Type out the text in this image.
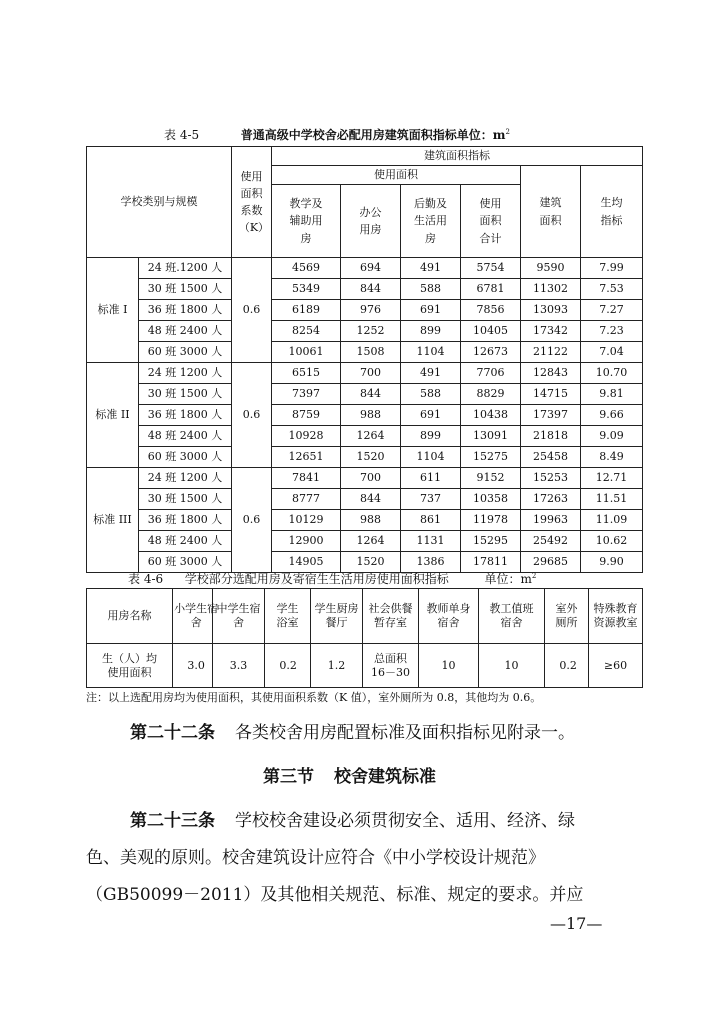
表 4-5	普通高级中学校舍必配用房建筑面积指标单位：$m^2$
学校类别与规模		使用面积系数（K）	建筑面积指标					
			使用面积				建筑面积	生均指标

			教学及辅助用房	办公用房	后勤及生活用房	使用面积合计		

标准 I	24 班.1200 人	0.6	4569	694	491	5754	9590	7.99
	30 班 1500 人		5349	844	588	6781	11302	7.53
	36 班 1800 人		6189	976	691	7856	13093	7.27
	48 班 2400 人		8254	1252	899	10405	17342	7.23
	60 班 3000 人		10061	1508	1104	12673	21122	7.04
标准 II	24 班 1200 人	0.6	6515	700	491	7706	12843	10.70
	30 班 1500 人		7397	844	588	8829	14715	9.81
	36 班 1800 人		8759	988	691	10438	17397	9.66
	48 班 2400 人		10928	1264	899	13091	21818	9.09
	60 班 3000 人		12651	1520	1104	15275	25458	8.49
标准 III	24 班 1200 人	0.6	7841	700	611	9152	15253	12.71
	30 班 1500 人		8777	844	737	10358	17263	11.51
	36 班 1800 人		10129	988	861	11978	19963	11.09
	48 班 2400 人		12900	1264	1131	15295	25492	10.62
	60 班 3000 人		14905	1520	1386	17811	29685	9.90
表 4-6 学校部分选配用房及寄宿生生活用房使用面积指标	单位：$m^2$
用房名称	小学生宿舍	中学生宿舍	学生浴室	学生厨房餐厅	社会供餐暂存室	教师单身宿舍	教工值班宿舍	室外厕所	特殊教育资源教室

生（人）均使用面积	3.0	3.3	0.2	1.2	总面积16－30	10	10	0.2	≥60
注：以上选配用房均为使用面积，其使用面积系数（K 值），室外厕所为 0.8，其他均为 0.6。
第二十二条 各类校舍用房配置标准及面积指标见附录一。
第三节 校舍建筑标准
第二十三条 学校校舍建设必须贯彻安全、适用、经济、绿
色、美观的原则。校舍建筑设计应符合《中小学校设计规范》
（GB50099－2011）及其他相关规范、标准、规定的要求。并应
—17—
